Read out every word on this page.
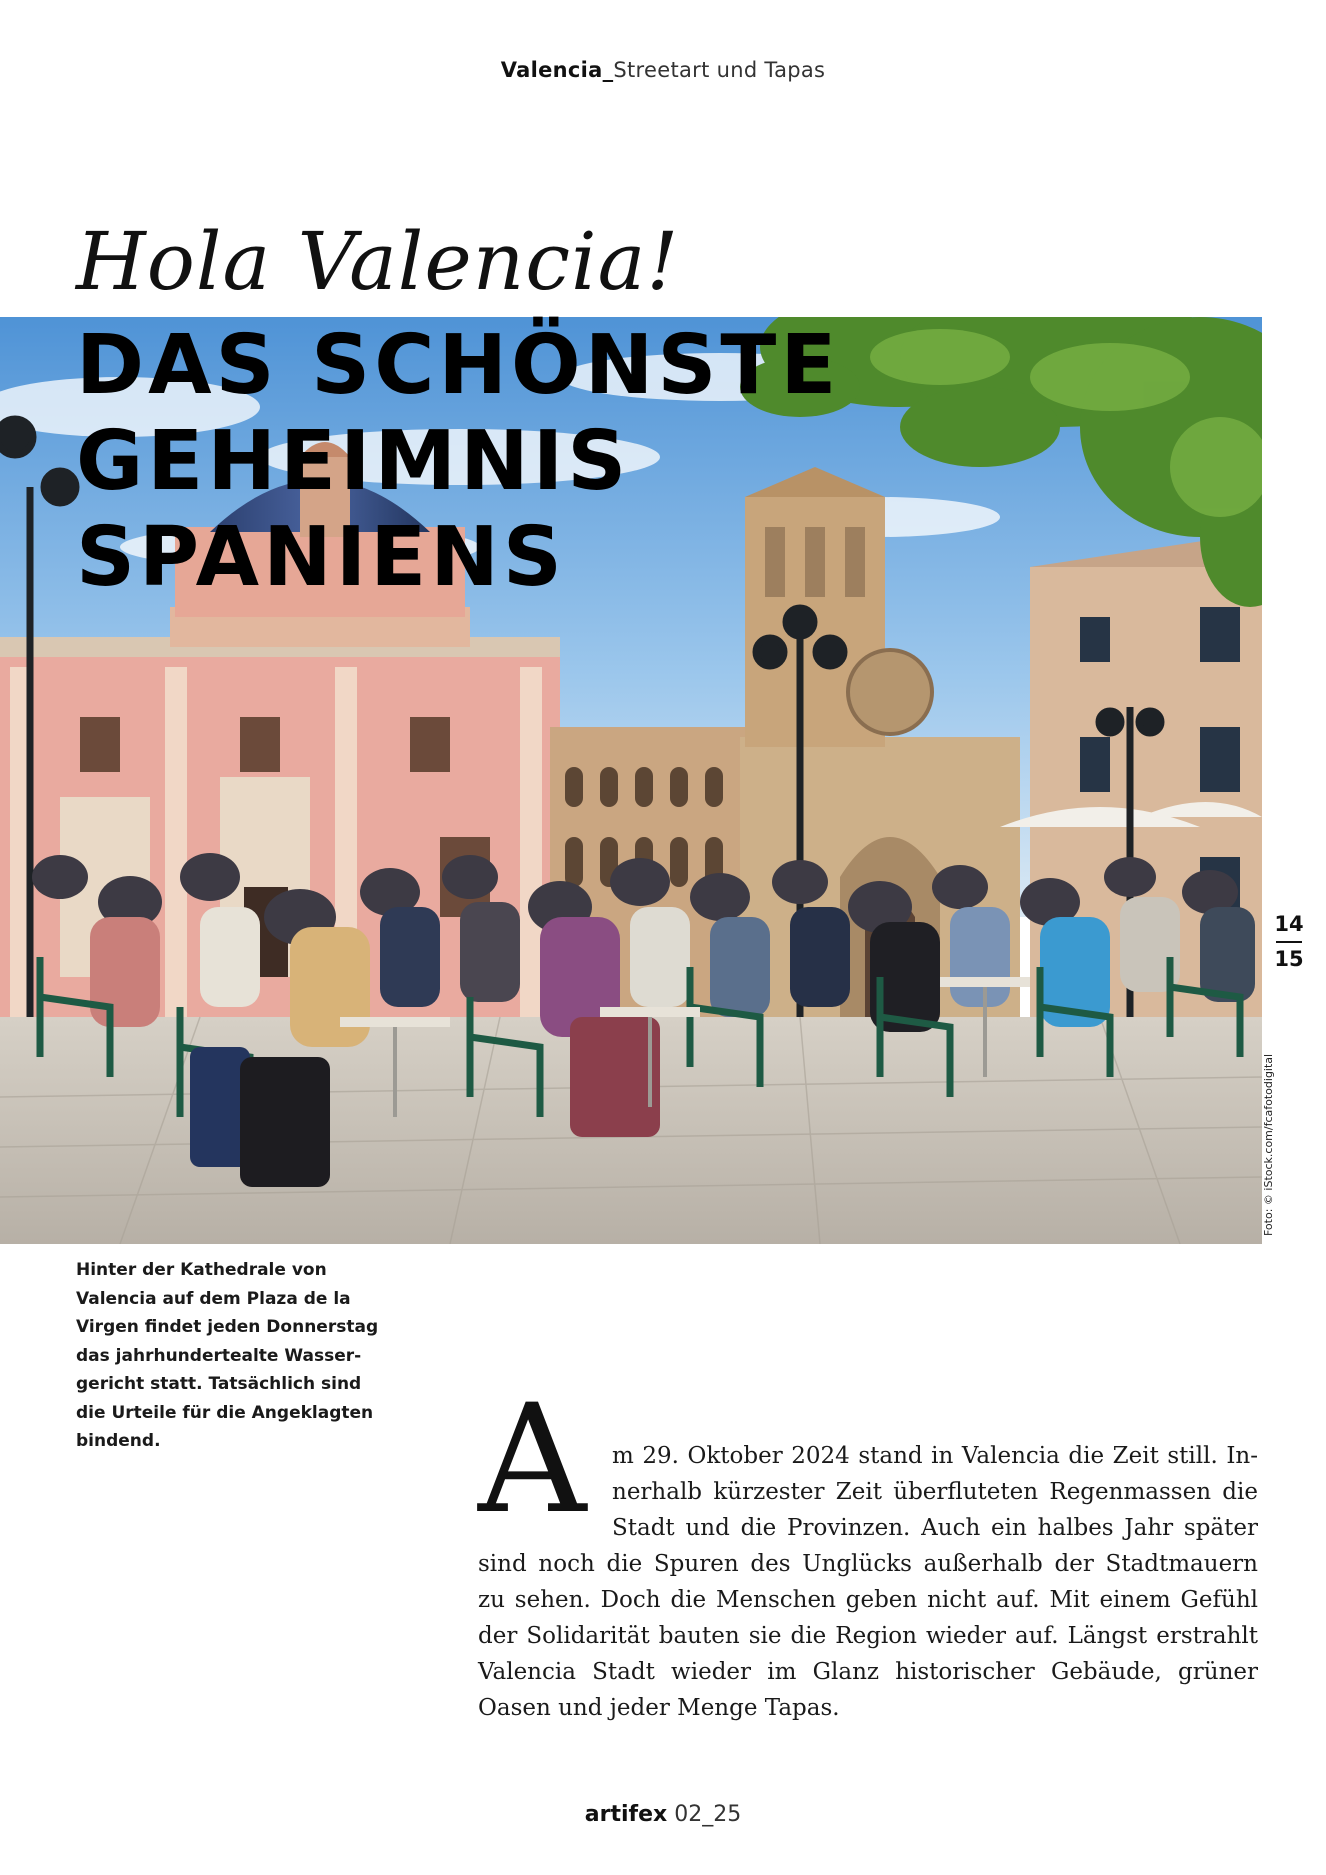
Valencia_Streetart und Tapas
Hola Valencia!
DAS SCHÖNSTE
GEHEIMNIS
SPANIENS
14
15
Foto: © iStock.com/fcafotodigital
Hinter der Kathedrale von
Valencia auf dem Plaza de la
Virgen findet jeden Donnerstag
das jahrhundertealte Wasser-
gericht statt. Tatsächlich sind
die Urteile für die Angeklagten
bindend.	A	m 29. Oktober 2024 stand in Valencia die Zeit still. In-
nerhalb kürzester Zeit überfluteten Regenmassen die
Stadt und die Provinzen. Auch ein halbes Jahr später
sind noch die Spuren des Unglücks außerhalb der Stadtmauern
zu sehen. Doch die Menschen geben nicht auf. Mit einem Gefühl
der Solidarität bauten sie die Region wieder auf. Längst erstrahlt
Valencia Stadt wieder im Glanz historischer Gebäude, grüner
Oasen und jeder Menge Tapas.
artifex 02_25
